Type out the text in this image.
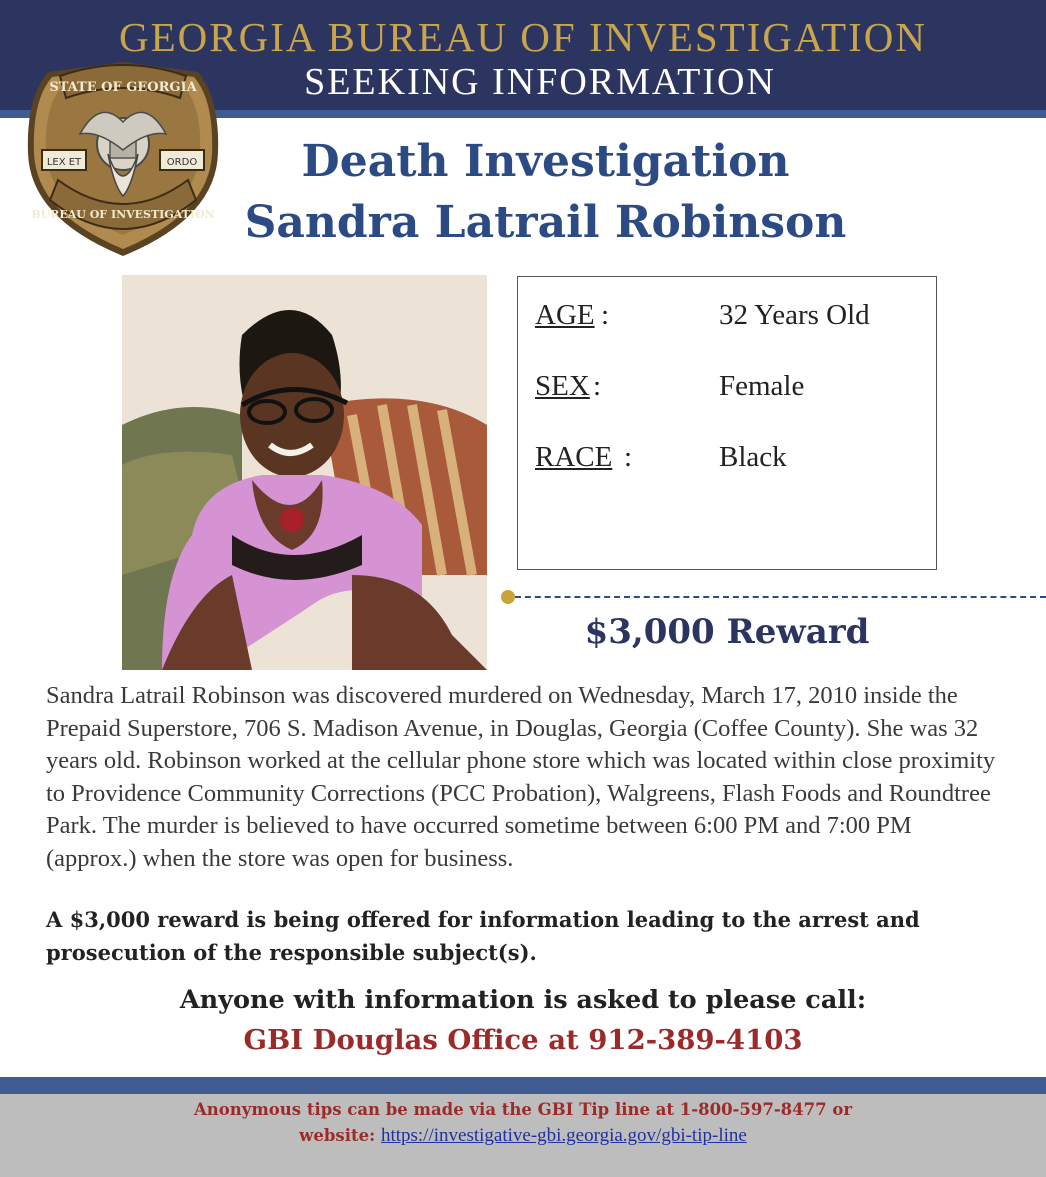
GEORGIA BUREAU OF INVESTIGATION
SEEKING INFORMATION
LEX ET	ORDO
STATE OF GEORGIA
BUREAU OF INVESTIGATION
Death Investigation
Sandra Latrail Robinson
AGE :	32 Years Old
SEX :	Female
RACE :	Black
$3,000 Reward
Sandra Latrail Robinson was discovered murdered on Wednesday, March 17, 2010 inside the Prepaid Superstore, 706 S. Madison Avenue, in Douglas, Georgia (Coffee County). She was 32 years old. Robinson worked at the cellular phone store which was located within close proximity to Providence Community Corrections (PCC Probation), Walgreens, Flash Foods and Roundtree Park. The murder is believed to have occurred sometime between 6:00 PM and 7:00 PM (approx.) when the store was open for business.
A $3,000 reward is being offered for information leading to the arrest and prosecution of the responsible subject(s).
Anyone with information is asked to please call:
GBI Douglas Office at 912-389-4103
Anonymous tips can be made via the GBI Tip line at 1-800-597-8477 or
website: https://investigative-gbi.georgia.gov/gbi-tip-line
